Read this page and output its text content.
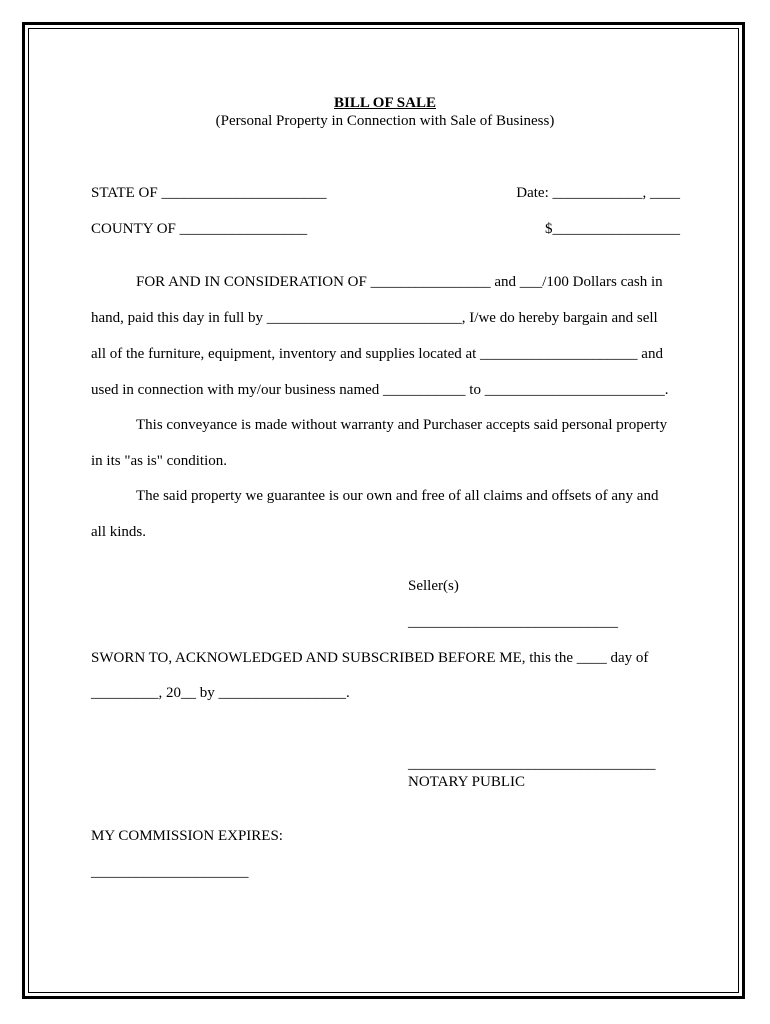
BILL OF SALE
(Personal Property in Connection with Sale of Business)
STATE OF ______________________	Date: ____________, ____
COUNTY OF _________________	$_________________
FOR AND IN CONSIDERATION OF ________________ and ___/100 Dollars cash in
hand, paid this day in full by __________________________, I/we do hereby bargain and sell
all of the furniture, equipment, inventory and supplies located at _____________________ and
used in connection with my/our business named ___________ to ________________________.
This conveyance is made without warranty and Purchaser accepts said personal property
in its "as is" condition.
The said property we guarantee is our own and free of all claims and offsets of any and
all kinds.
Seller(s)
____________________________
SWORN TO, ACKNOWLEDGED AND SUBSCRIBED BEFORE ME, this the ____ day of
_________, 20__ by _________________.
_________________________________
NOTARY PUBLIC
MY COMMISSION EXPIRES:
_____________________
